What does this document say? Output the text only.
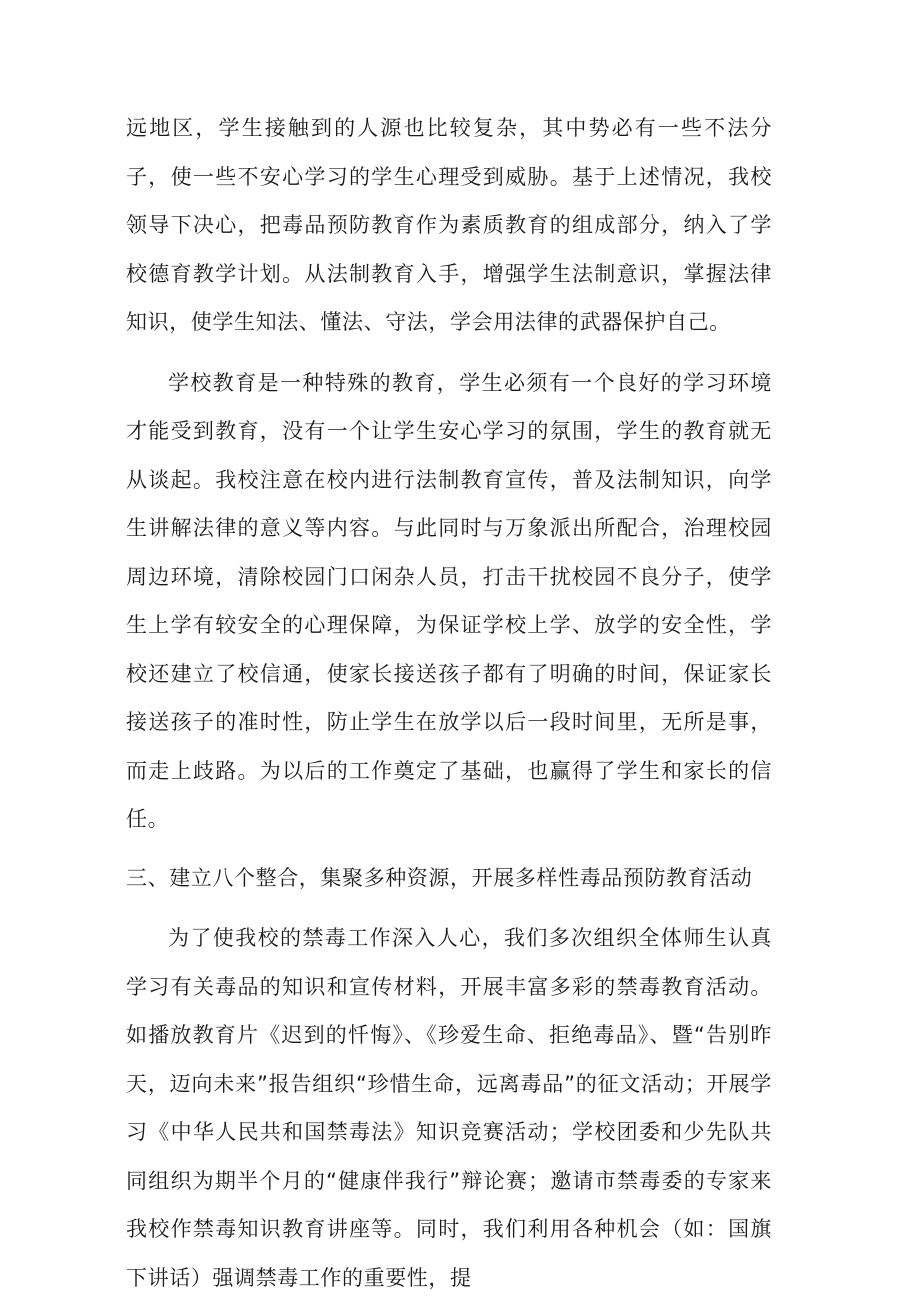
远地区，学生接触到的人源也比较复杂，其中势必有一些不法分子，使一些不安心学习的学生心理受到威胁。基于上述情况，我校领导下决心，把毒品预防教育作为素质教育的组成部分，纳入了学校德育教学计划。从法制教育入手，增强学生法制意识，掌握法律知识，使学生知法、懂法、守法，学会用法律的武器保护自己。

学校教育是一种特殊的教育，学生必须有一个良好的学习环境才能受到教育，没有一个让学生安心学习的氛围，学生的教育就无从谈起。我校注意在校内进行法制教育宣传，普及法制知识，向学生讲解法律的意义等内容。与此同时与万象派出所配合，治理校园周边环境，清除校园门口闲杂人员，打击干扰校园不良分子，使学生上学有较安全的心理保障，为保证学校上学、放学的安全性，学校还建立了校信通，使家长接送孩子都有了明确的时间，保证家长接送孩子的准时性，防止学生在放学以后一段时间里，无所是事，而走上歧路。为以后的工作奠定了基础，也赢得了学生和家长的信任。

三、建立八个整合，集聚多种资源，开展多样性毒品预防教育活动

为了使我校的禁毒工作深入人心，我们多次组织全体师生认真学习有关毒品的知识和宣传材料，开展丰富多彩的禁毒教育活动。如播放教育片《迟到的忏悔》、《珍爱生命、拒绝毒品》、暨“告别昨天，迈向未来”报告组织“珍惜生命，远离毒品”的征文活动；开展学习《中华人民共和国禁毒法》知识竞赛活动；学校团委和少先队共同组织为期半个月的“健康伴我行”辩论赛；邀请市禁毒委的专家来我校作禁毒知识教育讲座等。同时，我们利用各种机会（如：国旗下讲话）强调禁毒工作的重要性，提
